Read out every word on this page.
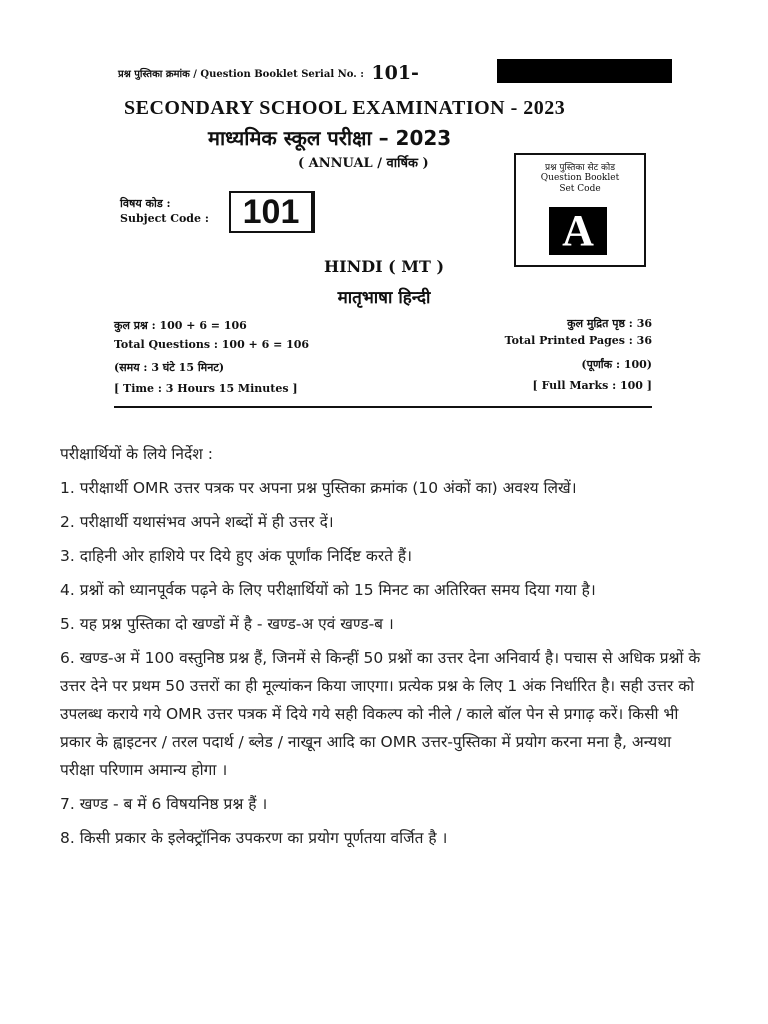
प्रश्न पुस्तिका क्रमांक / Question Booklet Serial No. : 101-
SECONDARY SCHOOL EXAMINATION - 2023
माध्यमिक स्कूल परीक्षा – 2023
( ANNUAL / वार्षिक )	प्रश्न पुस्तिका सेट कोड
Question Booklet
Set Code
A
विषय कोड :
Subject Code : 101
HINDI ( MT )
मातृभाषा हिन्दी
कुल प्रश्न : 100 + 6 = 106
Total Questions : 100 + 6 = 106
(समय : 3 घंटे 15 मिनट)
[ Time : 3 Hours 15 Minutes ]
कुल मुद्रित पृष्ठ : 36
Total Printed Pages : 36
(पूर्णांक : 100)
[ Full Marks : 100 ]
परीक्षार्थियों के लिये निर्देश :
1. परीक्षार्थी OMR उत्तर पत्रक पर अपना प्रश्न पुस्तिका क्रमांक (10 अंकों का) अवश्य लिखें।
2. परीक्षार्थी यथासंभव अपने शब्दों में ही उत्तर दें।
3. दाहिनी ओर हाशिये पर दिये हुए अंक पूर्णांक निर्दिष्ट करते हैं।
4. प्रश्नों को ध्यानपूर्वक पढ़ने के लिए परीक्षार्थियों को 15 मिनट का अतिरिक्त समय दिया गया है।
5. यह प्रश्न पुस्तिका दो खण्डों में है - खण्ड-अ एवं खण्ड-ब ।
6. खण्ड-अ में 100 वस्तुनिष्ठ प्रश्न हैं, जिनमें से किन्हीं 50 प्रश्नों का उत्तर देना अनिवार्य है। पचास से अधिक प्रश्नों के उत्तर देने पर प्रथम 50 उत्तरों का ही मूल्यांकन किया जाएगा। प्रत्येक प्रश्न के लिए 1 अंक निर्धारित है। सही उत्तर को उपलब्ध कराये गये OMR उत्तर पत्रक में दिये गये सही विकल्प को नीले / काले बॉल पेन से प्रगाढ़ करें। किसी भी प्रकार के ह्वाइटनर / तरल पदार्थ / ब्लेड / नाखून आदि का OMR उत्तर-पुस्तिका में प्रयोग करना मना है, अन्यथा परीक्षा परिणाम अमान्य होगा ।
7. खण्ड - ब में 6 विषयनिष्ठ प्रश्न हैं ।
8. किसी प्रकार के इलेक्ट्रॉनिक उपकरण का प्रयोग पूर्णतया वर्जित है ।
